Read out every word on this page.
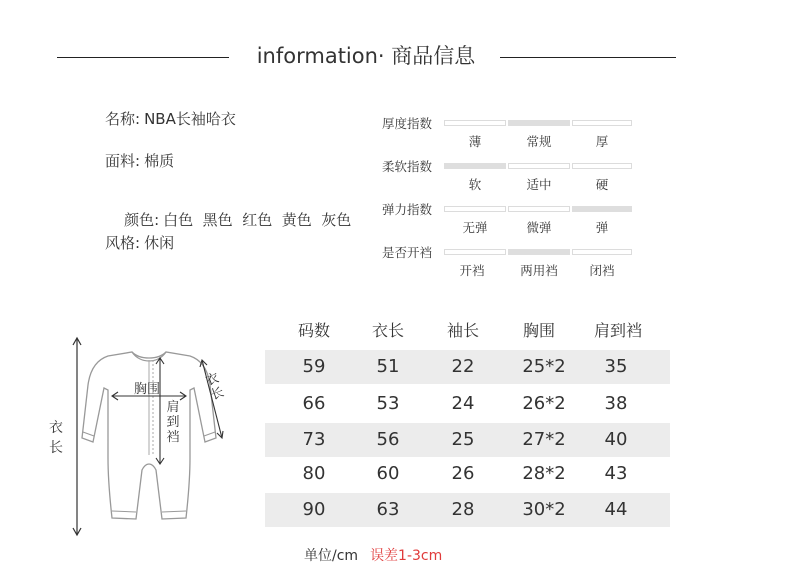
information· 商品信息
名称: NBA长袖哈衣
面料: 棉质

颜色: 白色  黑色  红色  黄色  灰色

风格: 休闲
厚度指数
薄	常规	厚
柔软指数
软	适中	硬
弹力指数
无弹	微弹	弹
是否开裆
开裆	两用裆	闭裆
衣长
胸围
肩到裆
衣长
码数	衣长	袖长	胸围	肩到裆
59	51	22	25*2	35
66	53	24	26*2	38
73	56	25	27*2	40
80	60	26	28*2	43
90	63	28	30*2	44
单位/cm 误差1-3cm
